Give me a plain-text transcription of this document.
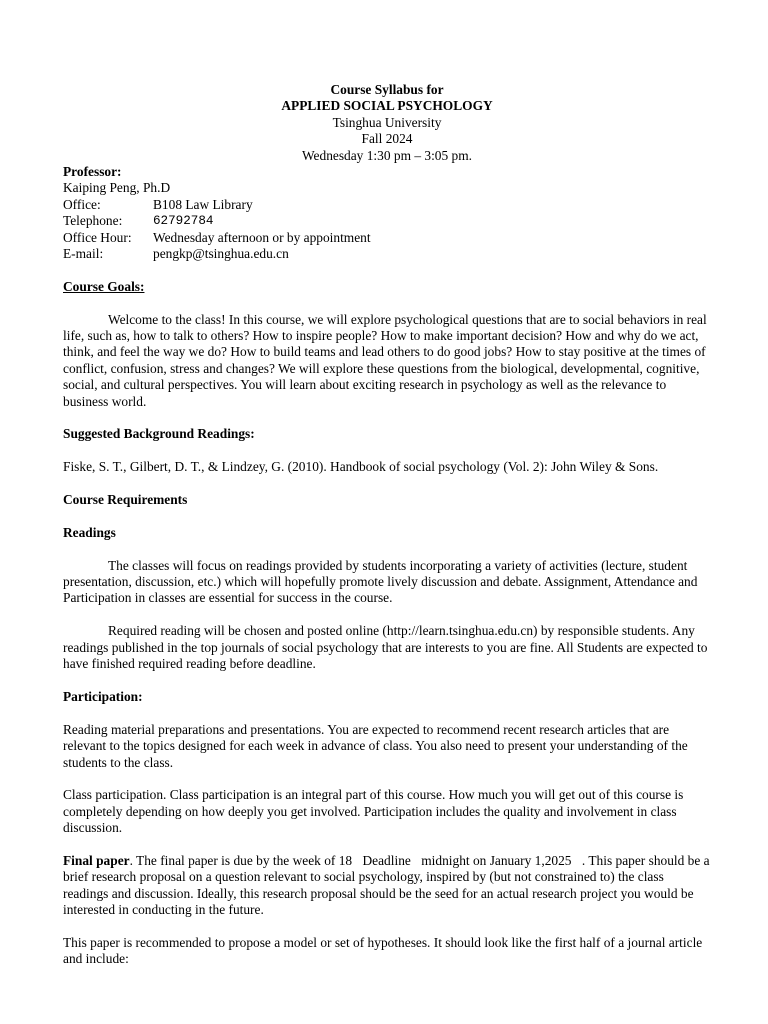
Course Syllabus for
APPLIED SOCIAL PSYCHOLOGY
Tsinghua University
Fall 2024
Wednesday 1:30 pm – 3:05 pm.
Professor:
Kaiping Peng, Ph.D
Office:	B108 Law Library
Telephone:	62792784
Office Hour:	Wednesday afternoon or by appointment
E-mail:	pengkp@tsinghua.edu.cn
Course Goals:

Welcome to the class! In this course, we will explore psychological questions that are to social behaviors in real life, such as, how to talk to others? How to inspire people? How to make important decision? How and why do we act, think, and feel the way we do? How to build teams and lead others to do good jobs? How to stay positive at the times of conflict, confusion, stress and changes? We will explore these questions from the biological, developmental, cognitive, social, and cultural perspectives. You will learn about exciting research in psychology as well as the relevance to business world.

Suggested Background Readings:

Fiske, S. T., Gilbert, D. T., & Lindzey, G. (2010). Handbook of social psychology (Vol. 2): John Wiley & Sons.

Course Requirements
Readings

The classes will focus on readings provided by students incorporating a variety of activities (lecture, student presentation, discussion, etc.) which will hopefully promote lively discussion and debate. Assignment, Attendance and Participation in classes are essential for success in the course.

Required reading will be chosen and posted online (http://learn.tsinghua.edu.cn) by responsible students. Any readings published in the top journals of social psychology that are interests to you are fine. All Students are expected to have finished required reading before deadline.

Participation:

Reading material preparations and presentations. You are expected to recommend recent research articles that are relevant to the topics designed for each week in advance of class. You also need to present your understanding of the students to the class.

Class participation. Class participation is an integral part of this course. How much you will get out of this course is completely depending on how deeply you get involved. Participation includes the quality and involvement in class discussion.

Final paper. The final paper is due by the week of 18 Deadline midnight on January 1,2025 . This paper should be a brief research proposal on a question relevant to social psychology, inspired by (but not constrained to) the class readings and discussion. Ideally, this research proposal should be the seed for an actual research project you would be interested in conducting in the future.

This paper is recommended to propose a model or set of hypotheses. It should look like the first half of a journal article and include:
